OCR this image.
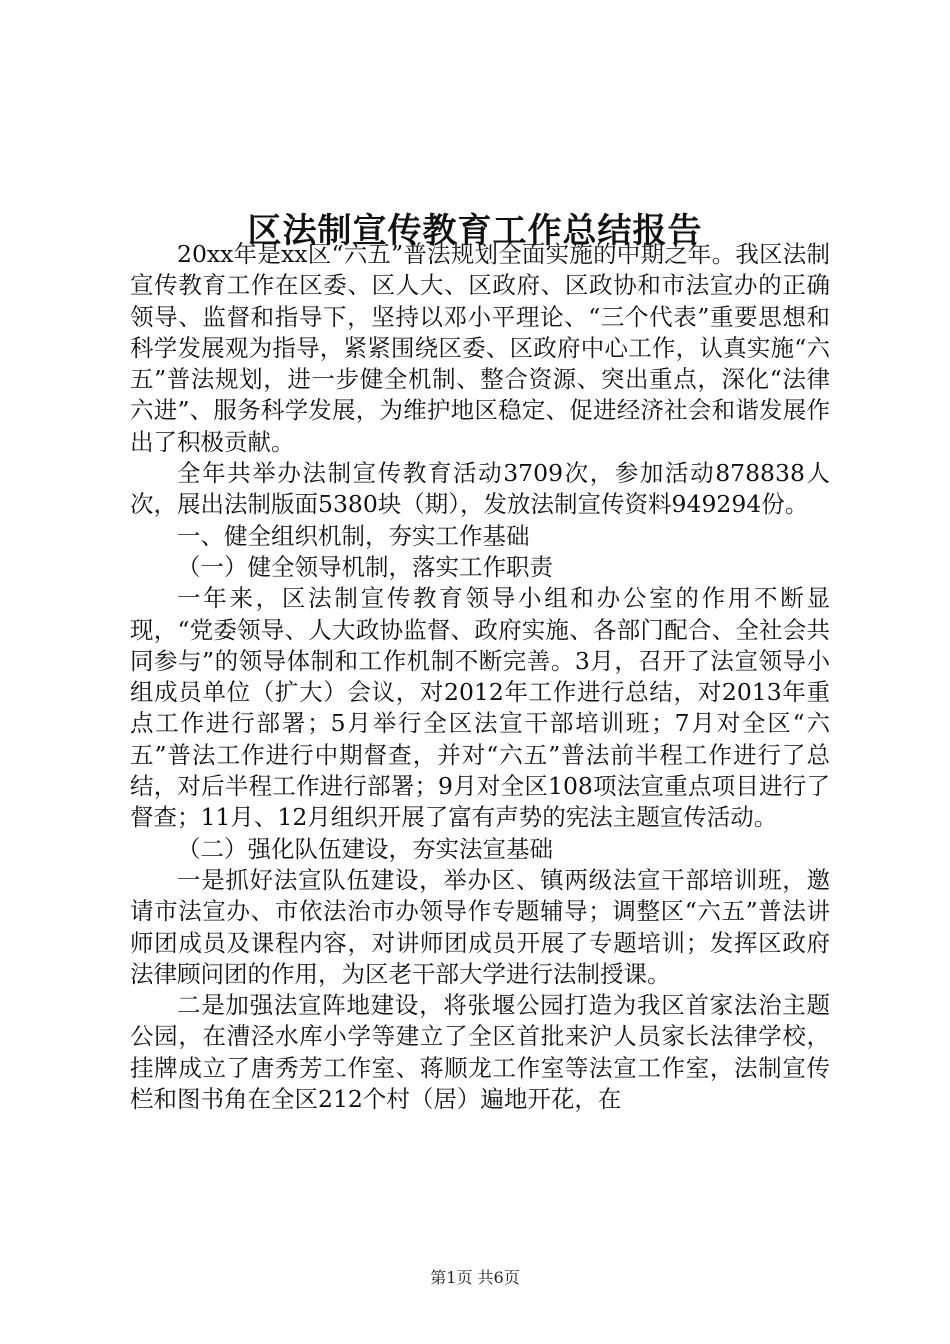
区法制宣传教育工作总结报告

20xx年是xx区“六五”普法规划全面实施的中期之年。我区法制宣传教育工作在区委、区人大、区政府、区政协和市法宣办的正确领导、监督和指导下，坚持以邓小平理论、“三个代表”重要思想和科学发展观为指导，紧紧围绕区委、区政府中心工作，认真实施“六五”普法规划，进一步健全机制、整合资源、突出重点，深化“法律六进”、服务科学发展，为维护地区稳定、促进经济社会和谐发展作出了积极贡献。

全年共举办法制宣传教育活动3709次，参加活动878838人次，展出法制版面5380块（期），发放法制宣传资料949294份。

一、健全组织机制，夯实工作基础

（一）健全领导机制，落实工作职责

一年来，区法制宣传教育领导小组和办公室的作用不断显现，“党委领导、人大政协监督、政府实施、各部门配合、全社会共同参与”的领导体制和工作机制不断完善。3月，召开了法宣领导小组成员单位（扩大）会议，对2012年工作进行总结，对2013年重点工作进行部署；5月举行全区法宣干部培训班；7月对全区“六五”普法工作进行中期督查，并对“六五”普法前半程工作进行了总结，对后半程工作进行部署；9月对全区108项法宣重点项目进行了督查；11月、12月组织开展了富有声势的宪法主题宣传活动。

（二）强化队伍建设，夯实法宣基础

一是抓好法宣队伍建设，举办区、镇两级法宣干部培训班，邀请市法宣办、市依法治市办领导作专题辅导；调整区“六五”普法讲师团成员及课程内容，对讲师团成员开展了专题培训；发挥区政府法律顾问团的作用，为区老干部大学进行法制授课。

二是加强法宣阵地建设，将张堰公园打造为我区首家法治主题公园，在漕泾水库小学等建立了全区首批来沪人员家长法律学校，挂牌成立了唐秀芳工作室、蒋顺龙工作室等法宣工作室，法制宣传栏和图书角在全区212个村（居）遍地开花，在

第1页 共6页
